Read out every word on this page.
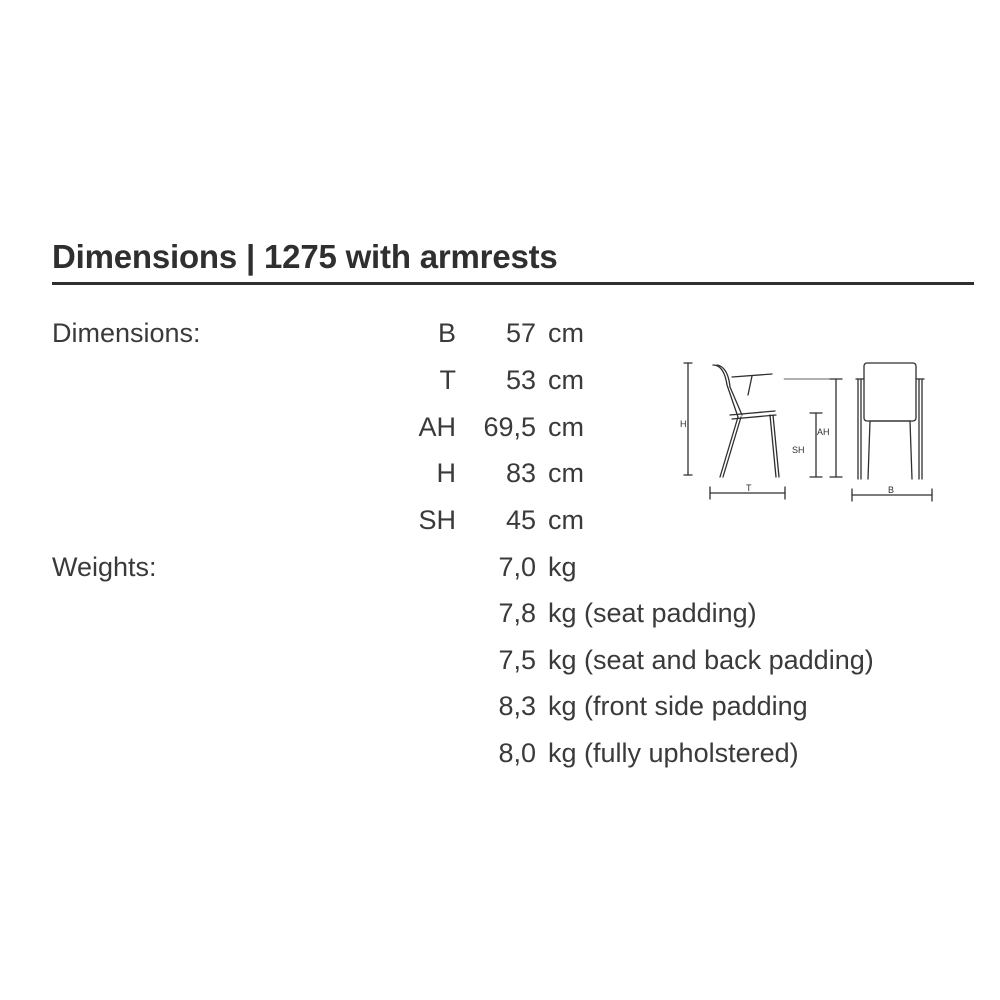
Dimensions | 1275 with armrests
Dimensions:	B 57 cm
T 53 cm
AH 69,5 cm
H 83 cm
SH 45 cm
Weights:	7,0 kg
7,8 kg (seat padding)
7,5 kg (seat and back padding)
8,3 kg (front side padding
8,0 kg (fully upholstered)
H
SH
AH
T	B
